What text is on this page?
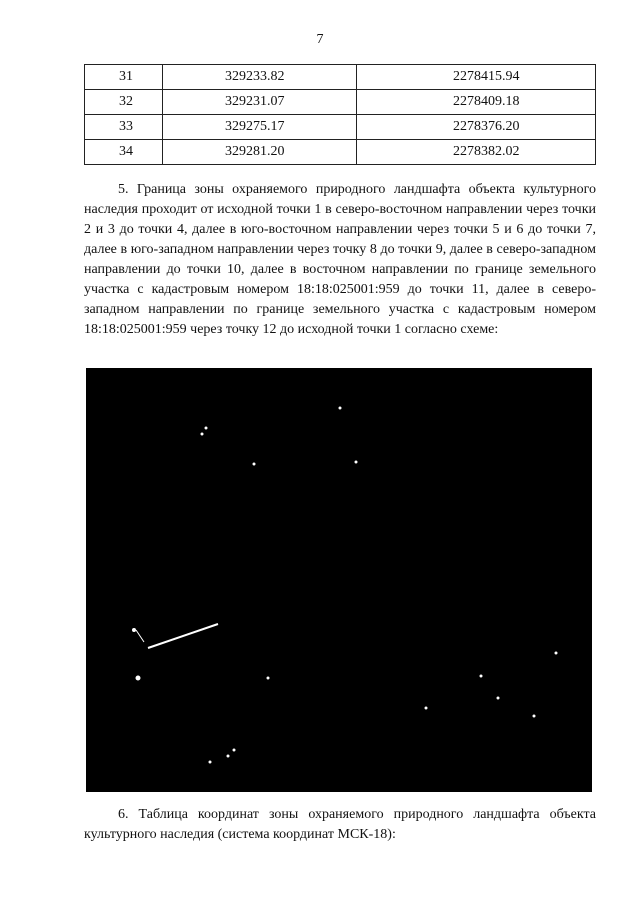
7
31	329233.82	2278415.94
32	329231.07	2278409.18
33	329275.17	2278376.20
34	329281.20	2278382.02

5. Граница зоны охраняемого природного ландшафта объекта культурного наследия проходит от исходной точки 1 в северо-восточном направлении через точки 2 и 3 до точки 4, далее в юго-восточном направлении через точки 5 и 6 до точки 7, далее в юго-западном направлении через точку 8 до точки 9, далее в северо-западном направлении до точки 10, далее в восточном направлении по границе земельного участка с кадастровым номером 18:18:025001:959 до точки 11, далее в северо-западном направлении по границе земельного участка с кадастровым номером 18:18:025001:959 через точку 12 до исходной точки 1 согласно схеме:

6. Таблица координат зоны охраняемого природного ландшафта объекта культурного наследия (система координат МСК-18):
